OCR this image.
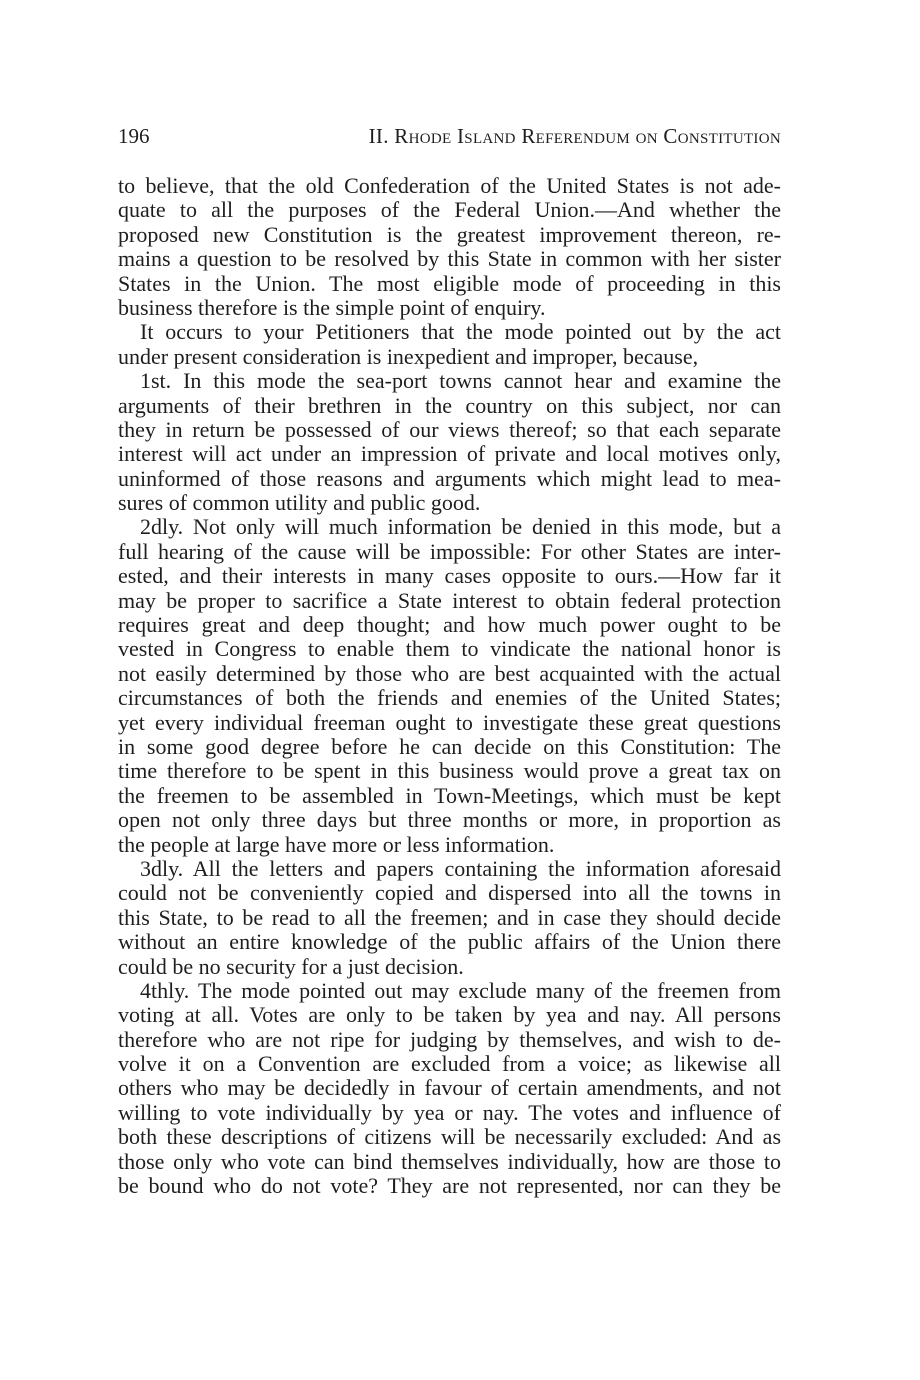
196	II. Rhode Island Referendum on Constitution
to believe, that the old Confederation of the United States is not ade-
quate to all the purposes of the Federal Union.—And whether the
proposed new Constitution is the greatest improvement thereon, re-
mains a question to be resolved by this State in common with her sister
States in the Union. The most eligible mode of proceeding in this
business therefore is the simple point of enquiry.
It occurs to your Petitioners that the mode pointed out by the act
under present consideration is inexpedient and improper, because,
1st. In this mode the sea-port towns cannot hear and examine the
arguments of their brethren in the country on this subject, nor can
they in return be possessed of our views thereof; so that each separate
interest will act under an impression of private and local motives only,
uninformed of those reasons and arguments which might lead to mea-
sures of common utility and public good.
2dly. Not only will much information be denied in this mode, but a
full hearing of the cause will be impossible: For other States are inter-
ested, and their interests in many cases opposite to ours.—How far it
may be proper to sacrifice a State interest to obtain federal protection
requires great and deep thought; and how much power ought to be
vested in Congress to enable them to vindicate the national honor is
not easily determined by those who are best acquainted with the actual
circumstances of both the friends and enemies of the United States;
yet every individual freeman ought to investigate these great questions
in some good degree before he can decide on this Constitution: The
time therefore to be spent in this business would prove a great tax on
the freemen to be assembled in Town-Meetings, which must be kept
open not only three days but three months or more, in proportion as
the people at large have more or less information.
3dly. All the letters and papers containing the information aforesaid
could not be conveniently copied and dispersed into all the towns in
this State, to be read to all the freemen; and in case they should decide
without an entire knowledge of the public affairs of the Union there
could be no security for a just decision.
4thly. The mode pointed out may exclude many of the freemen from
voting at all. Votes are only to be taken by yea and nay. All persons
therefore who are not ripe for judging by themselves, and wish to de-
volve it on a Convention are excluded from a voice; as likewise all
others who may be decidedly in favour of certain amendments, and not
willing to vote individually by yea or nay. The votes and influence of
both these descriptions of citizens will be necessarily excluded: And as
those only who vote can bind themselves individually, how are those to
be bound who do not vote? They are not represented, nor can they be
